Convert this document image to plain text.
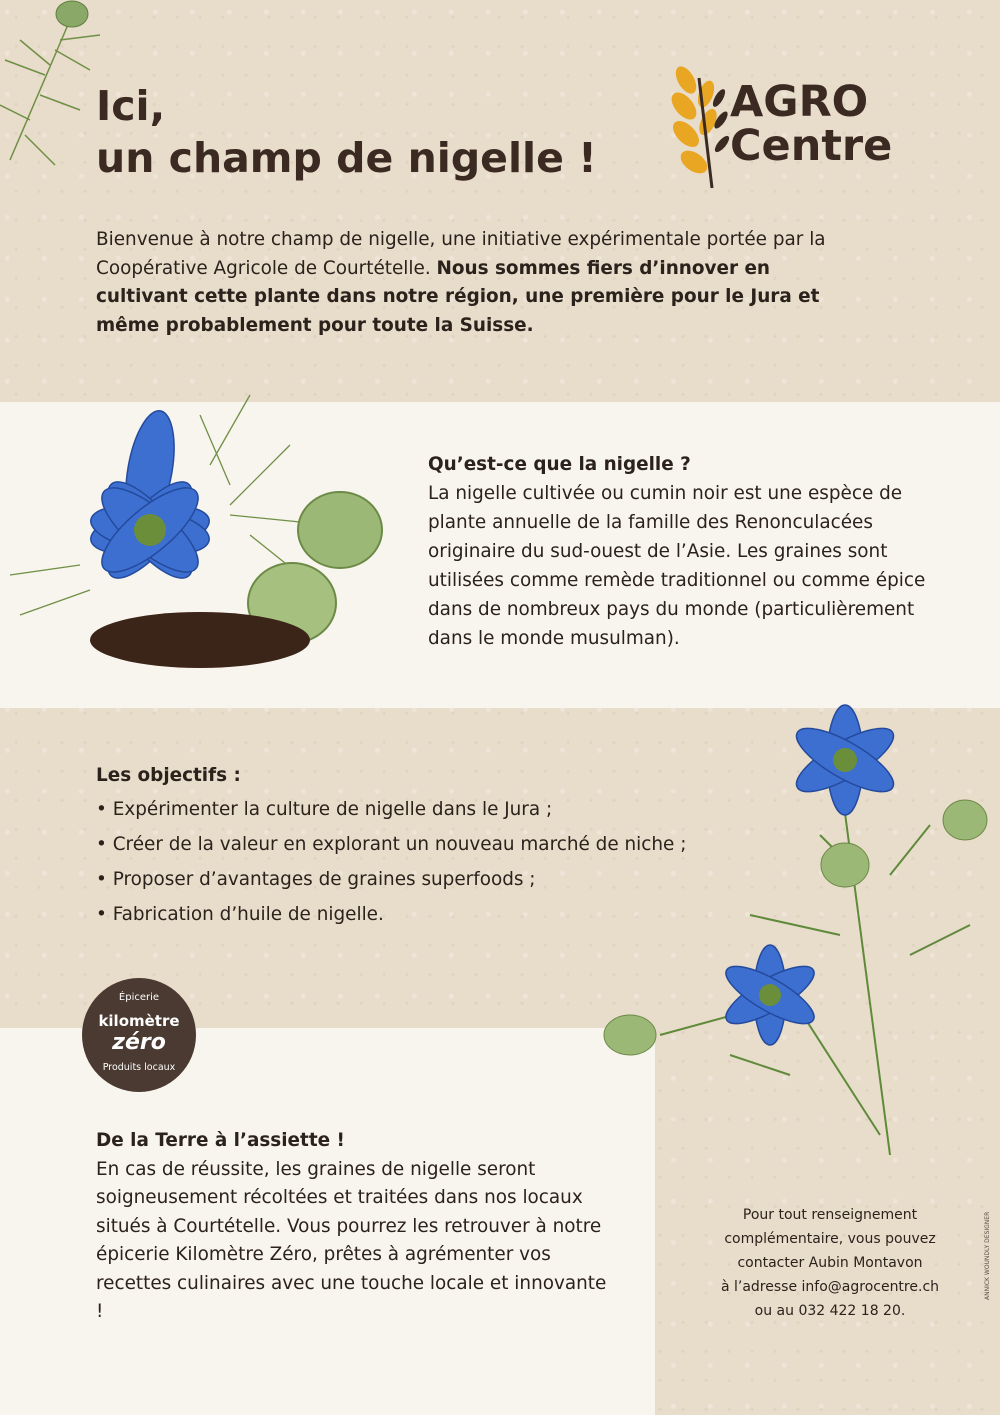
Ici,
un champ de nigelle !
AGRO
Centre

Bienvenue à notre champ de nigelle, une initiative expérimentale portée par la Coopérative Agricole de Courtételle. Nous sommes fiers d’innover en cultivant cette plante dans notre région, une première pour le Jura et même probablement pour toute la Suisse.

Qu’est-ce que la nigelle ?

La nigelle cultivée ou cumin noir est une espèce de plante annuelle de la famille des Renonculacées originaire du sud-ouest de l’Asie. Les graines sont utilisées comme remède traditionnel ou comme épice dans de nombreux pays du monde (particulièrement dans le monde musulman).

Les objectifs :

• Expérimenter la culture de nigelle dans le Jura ;
• Créer de la valeur en explorant un nouveau marché de niche ;
• Proposer d’avantages de graines superfoods ;
• Fabrication d’huile de nigelle.
Épicerie
kilomètre
zéro
Produits locaux

De la Terre à l’assiette !

En cas de réussite, les graines de nigelle seront soigneusement récoltées et traitées dans nos locaux situés à Courtételle. Vous pourrez les retrouver à notre épicerie Kilomètre Zéro, prêtes à agrémenter vos recettes culinaires avec une touche locale et innovante !

Pour tout renseignement
complémentaire, vous pouvez
contacter Aubin Montavon
à l’adresse info@agrocentre.ch
ou au 032 422 18 20.

ANNICK WOUNDLY DESIGNER
